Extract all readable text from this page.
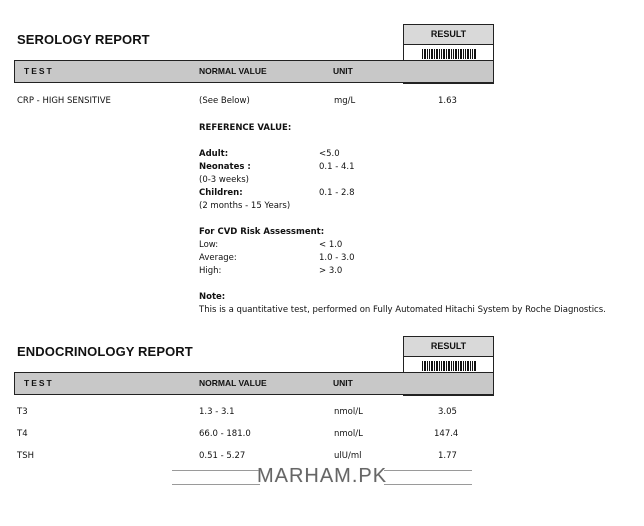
SEROLOGY REPORT	RESULT
TEST	NORMAL VALUE	UNIT
CRP - HIGH SENSITIVE	(See Below)	mg/L	1.63
REFERENCE VALUE:
Adult:	<5.0
Neonates :	0.1 - 4.1
(0-3 weeks)
Children:	0.1 - 2.8
(2 months - 15 Years)
For CVD Risk Assessment:
Low:	< 1.0
Average:	1.0 - 3.0
High:	> 3.0
Note:
This is a quantitative test, performed on Fully Automated Hitachi System by Roche Diagnostics.
ENDOCRINOLOGY REPORT	RESULT
TEST	NORMAL VALUE	UNIT
T3	1.3 - 3.1	nmol/L	3.05
T4	66.0 - 181.0	nmol/L	147.4
TSH	0.51 - 5.27	ulU/ml	1.77
MARHAM.PK
